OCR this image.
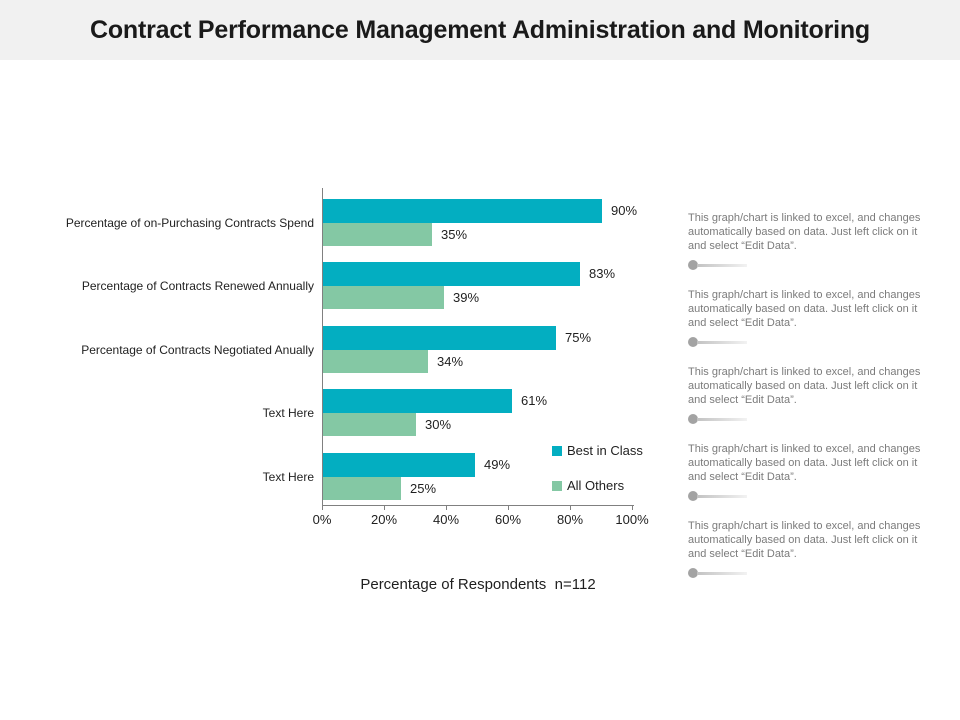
Contract Performance Management Administration and Monitoring
Percentage of on-Purchasing Contracts Spend
90%
35%
Percentage of Contracts Renewed Annually
83%
39%
Percentage of Contracts Negotiated Anually
75%
34%
Text Here
61%
30%
Text Here
49%
25%
0%	20%	40%	60%	80%	100%
Best in Class
All Others
Percentage of Respondents  n=112

This graph/chart is linked to excel, and changes automatically based on data. Just left click on it and select “Edit Data”.

This graph/chart is linked to excel, and changes automatically based on data. Just left click on it and select “Edit Data”.

This graph/chart is linked to excel, and changes automatically based on data. Just left click on it and select “Edit Data”.

This graph/chart is linked to excel, and changes automatically based on data. Just left click on it and select “Edit Data”.

This graph/chart is linked to excel, and changes automatically based on data. Just left click on it and select “Edit Data”.
